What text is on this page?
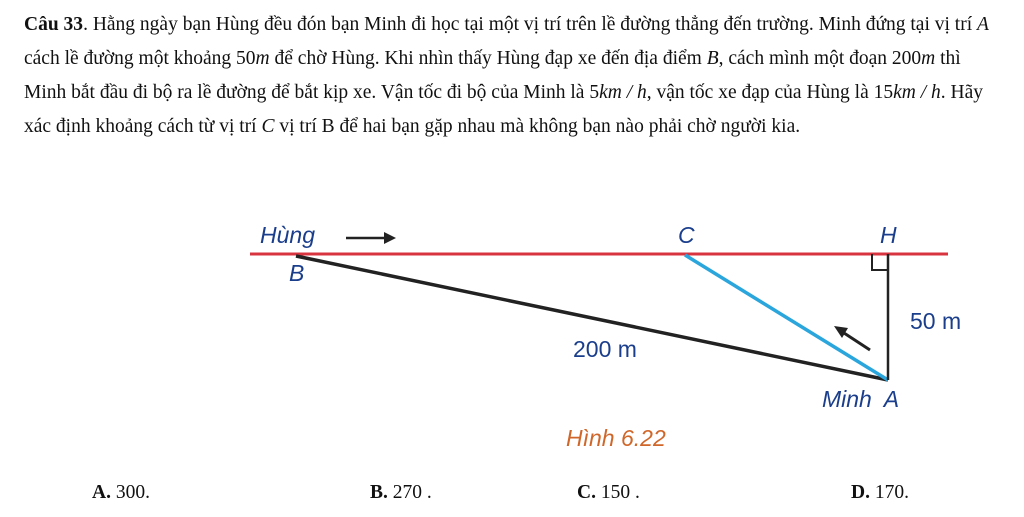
Câu 33. Hằng ngày bạn Hùng đều đón bạn Minh đi học tại một vị trí trên lề đường thẳng đến trường. Minh đứng tại vị trí A cách lề đường một khoảng 50m để chờ Hùng. Khi nhìn thấy Hùng đạp xe đến địa điểm B, cách mình một đoạn 200m thì Minh bắt đầu đi bộ ra lề đường để bắt kịp xe. Vận tốc đi bộ của Minh là 5km / h, vận tốc xe đạp của Hùng là 15km / h. Hãy xác định khoảng cách từ vị trí C vị trí B để hai bạn gặp nhau mà không bạn nào phải chờ người kia.
Hùng
B
C	H
50 m
200 m
Minh  A
Hình 6.22
A. 300.	B. 270 .	C. 150 .	D. 170.
